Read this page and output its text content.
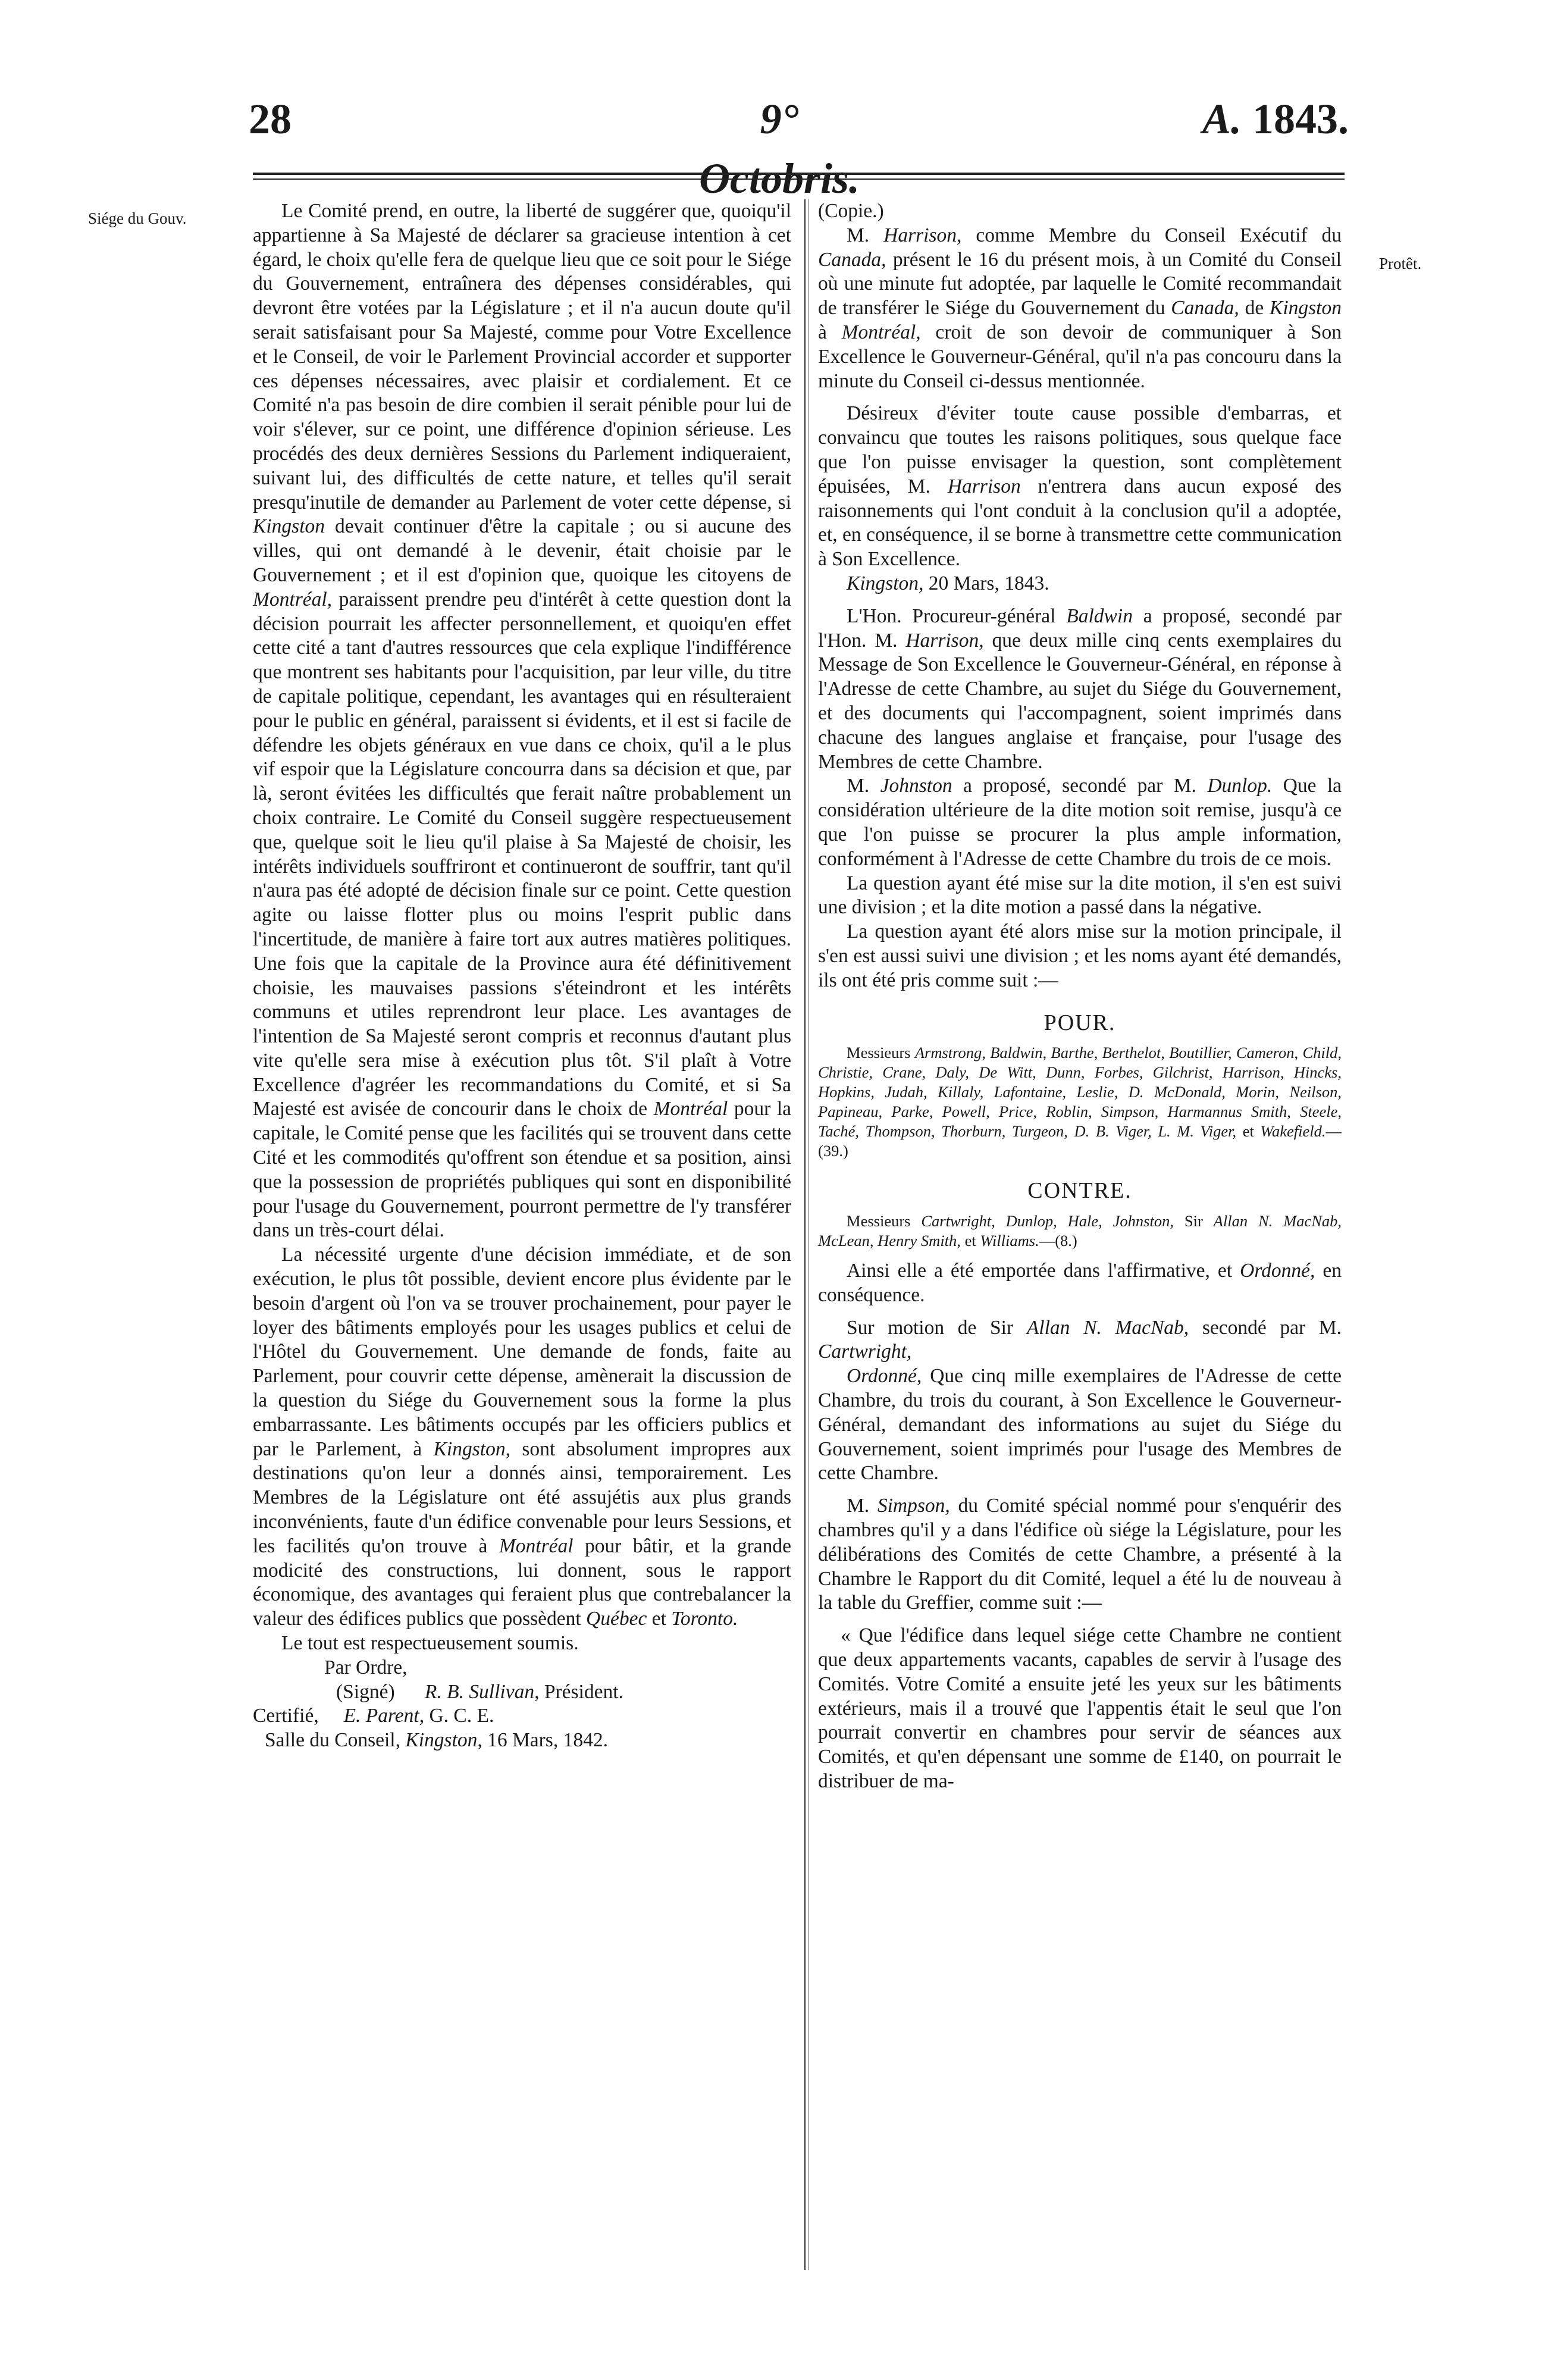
28	9°	A. 1843.
Siége du Gouv.
Protêt.

Le Comité prend, en outre, la liberté de suggérer que, quoiqu'il appartienne à Sa Majesté de déclarer sa gracieuse intention à cet égard, le choix qu'elle fera de quelque lieu que ce soit pour le Siége du Gouvernement, entraînera des dépenses considérables, qui devront être votées par la Législature ; et il n'a aucun doute qu'il serait satisfaisant pour Sa Majesté, comme pour Votre Excellence et le Conseil, de voir le Parlement Provincial accorder et supporter ces dépenses nécessaires, avec plaisir et cordialement. Et ce Comité n'a pas besoin de dire combien il serait pénible pour lui de voir s'élever, sur ce point, une différence d'opinion sérieuse. Les procédés des deux dernières Sessions du Parlement indiqueraient, suivant lui, des difficultés de cette nature, et telles qu'il serait presqu'inutile de demander au Parlement de voter cette dépense, si Kingston devait continuer d'être la capitale ; ou si aucune des villes, qui ont demandé à le devenir, était choisie par le Gouvernement ; et il est d'opinion que, quoique les citoyens de Montréal, paraissent prendre peu d'intérêt à cette question dont la décision pourrait les affecter personnellement, et quoiqu'en effet cette cité a tant d'autres ressources que cela explique l'indifférence que montrent ses habitants pour l'acquisition, par leur ville, du titre de capitale politique, cependant, les avantages qui en résulteraient pour le public en général, paraissent si évidents, et il est si facile de défendre les objets généraux en vue dans ce choix, qu'il a le plus vif espoir que la Législature concourra dans sa décision et que, par là, seront évitées les difficultés que ferait naître probablement un choix contraire. Le Comité du Conseil suggère respectueusement que, quelque soit le lieu qu'il plaise à Sa Majesté de choisir, les intérêts individuels souffriront et continueront de souffrir, tant qu'il n'aura pas été adopté de décision finale sur ce point. Cette question agite ou laisse flotter plus ou moins l'esprit public dans l'incertitude, de manière à faire tort aux autres matières politiques. Une fois que la capitale de la Province aura été définitivement choisie, les mauvaises passions s'éteindront et les intérêts communs et utiles reprendront leur place. Les avantages de l'intention de Sa Majesté seront compris et reconnus d'autant plus vite qu'elle sera mise à exécution plus tôt. S'il plaît à Votre Excellence d'agréer les recommandations du Comité, et si Sa Majesté est avisée de concourir dans le choix de Montréal pour la capitale, le Comité pense que les facilités qui se trouvent dans cette Cité et les commodités qu'offrent son étendue et sa position, ainsi que la possession de propriétés publiques qui sont en disponibilité pour l'usage du Gouvernement, pourront permettre de l'y transférer dans un très-court délai.

La nécessité urgente d'une décision immédiate, et de son exécution, le plus tôt possible, devient encore plus évidente par le besoin d'argent où l'on va se trouver prochainement, pour payer le loyer des bâtiments employés pour les usages publics et celui de l'Hôtel du Gouvernement. Une demande de fonds, faite au Parlement, pour couvrir cette dépense, amènerait la discussion de la question du Siége du Gouvernement sous la forme la plus embarrassante. Les bâtiments occupés par les officiers publics et par le Parlement, à Kingston, sont absolument impropres aux destinations qu'on leur a donnés ainsi, temporairement. Les Membres de la Législature ont été assujétis aux plus grands inconvénients, faute d'un édifice convenable pour leurs Sessions, et les facilités qu'on trouve à Montréal pour bâtir, et la grande modicité des constructions, lui donnent, sous le rapport économique, des avantages qui feraient plus que contrebalancer la valeur des édifices publics que possèdent Québec et Toronto.

Le tout est respectueusement soumis.

Par Ordre,

(Signé) R. B. Sullivan, Président.

Certifié, E. Parent, G. C. E.

Salle du Conseil, Kingston, 16 Mars, 1842.

(Copie.)

M. Harrison, comme Membre du Conseil Exécutif du Canada, présent le 16 du présent mois, à un Comité du Conseil où une minute fut adoptée, par laquelle le Comité recommandait de transférer le Siége du Gouvernement du Canada, de Kingston à Montréal, croit de son devoir de communiquer à Son Excellence le Gouverneur-Général, qu'il n'a pas concouru dans la minute du Conseil ci-dessus mentionnée.

Désireux d'éviter toute cause possible d'embarras, et convaincu que toutes les raisons politiques, sous quelque face que l'on puisse envisager la question, sont complètement épuisées, M. Harrison n'entrera dans aucun exposé des raisonnements qui l'ont conduit à la conclusion qu'il a adoptée, et, en conséquence, il se borne à transmettre cette communication à Son Excellence.

Kingston, 20 Mars, 1843.

L'Hon. Procureur-général Baldwin a proposé, secondé par l'Hon. M. Harrison, que deux mille cinq cents exemplaires du Message de Son Excellence le Gouverneur-Général, en réponse à l'Adresse de cette Chambre, au sujet du Siége du Gouvernement, et des documents qui l'accompagnent, soient imprimés dans chacune des langues anglaise et française, pour l'usage des Membres de cette Chambre.

M. Johnston a proposé, secondé par M. Dunlop. Que la considération ultérieure de la dite motion soit remise, jusqu'à ce que l'on puisse se procurer la plus ample information, conformément à l'Adresse de cette Chambre du trois de ce mois.

La question ayant été mise sur la dite motion, il s'en est suivi une division ; et la dite motion a passé dans la négative.

La question ayant été alors mise sur la motion principale, il s'en est aussi suivi une division ; et les noms ayant été demandés, ils ont été pris comme suit :—

POUR.

Messieurs Armstrong, Baldwin, Barthe, Berthelot, Boutillier, Cameron, Child, Christie, Crane, Daly, De Witt, Dunn, Forbes, Gilchrist, Harrison, Hincks, Hopkins, Judah, Killaly, Lafontaine, Leslie, D. McDonald, Morin, Neilson, Papineau, Parke, Powell, Price, Roblin, Simpson, Harmannus Smith, Steele, Taché, Thompson, Thorburn, Turgeon, D. B. Viger, L. M. Viger, et Wakefield.—(39.)

CONTRE.

Messieurs Cartwright, Dunlop, Hale, Johnston, Sir Allan N. MacNab, McLean, Henry Smith, et Williams.—(8.)

Ainsi elle a été emportée dans l'affirmative, et Ordonné, en conséquence.

Sur motion de Sir Allan N. MacNab, secondé par M. Cartwright,

Ordonné, Que cinq mille exemplaires de l'Adresse de cette Chambre, du trois du courant, à Son Excellence le Gouverneur-Général, demandant des informations au sujet du Siége du Gouvernement, soient imprimés pour l'usage des Membres de cette Chambre.

M. Simpson, du Comité spécial nommé pour s'enquérir des chambres qu'il y a dans l'édifice où siége la Législature, pour les délibérations des Comités de cette Chambre, a présenté à la Chambre le Rapport du dit Comité, lequel a été lu de nouveau à la table du Greffier, comme suit :—

« Que l'édifice dans lequel siége cette Chambre ne contient que deux appartements vacants, capables de servir à l'usage des Comités. Votre Comité a ensuite jeté les yeux sur les bâtiments extérieurs, mais il a trouvé que l'appentis était le seul que l'on pourrait convertir en chambres pour servir de séances aux Comités, et qu'en dépensant une somme de £140, on pourrait le distribuer de ma-
